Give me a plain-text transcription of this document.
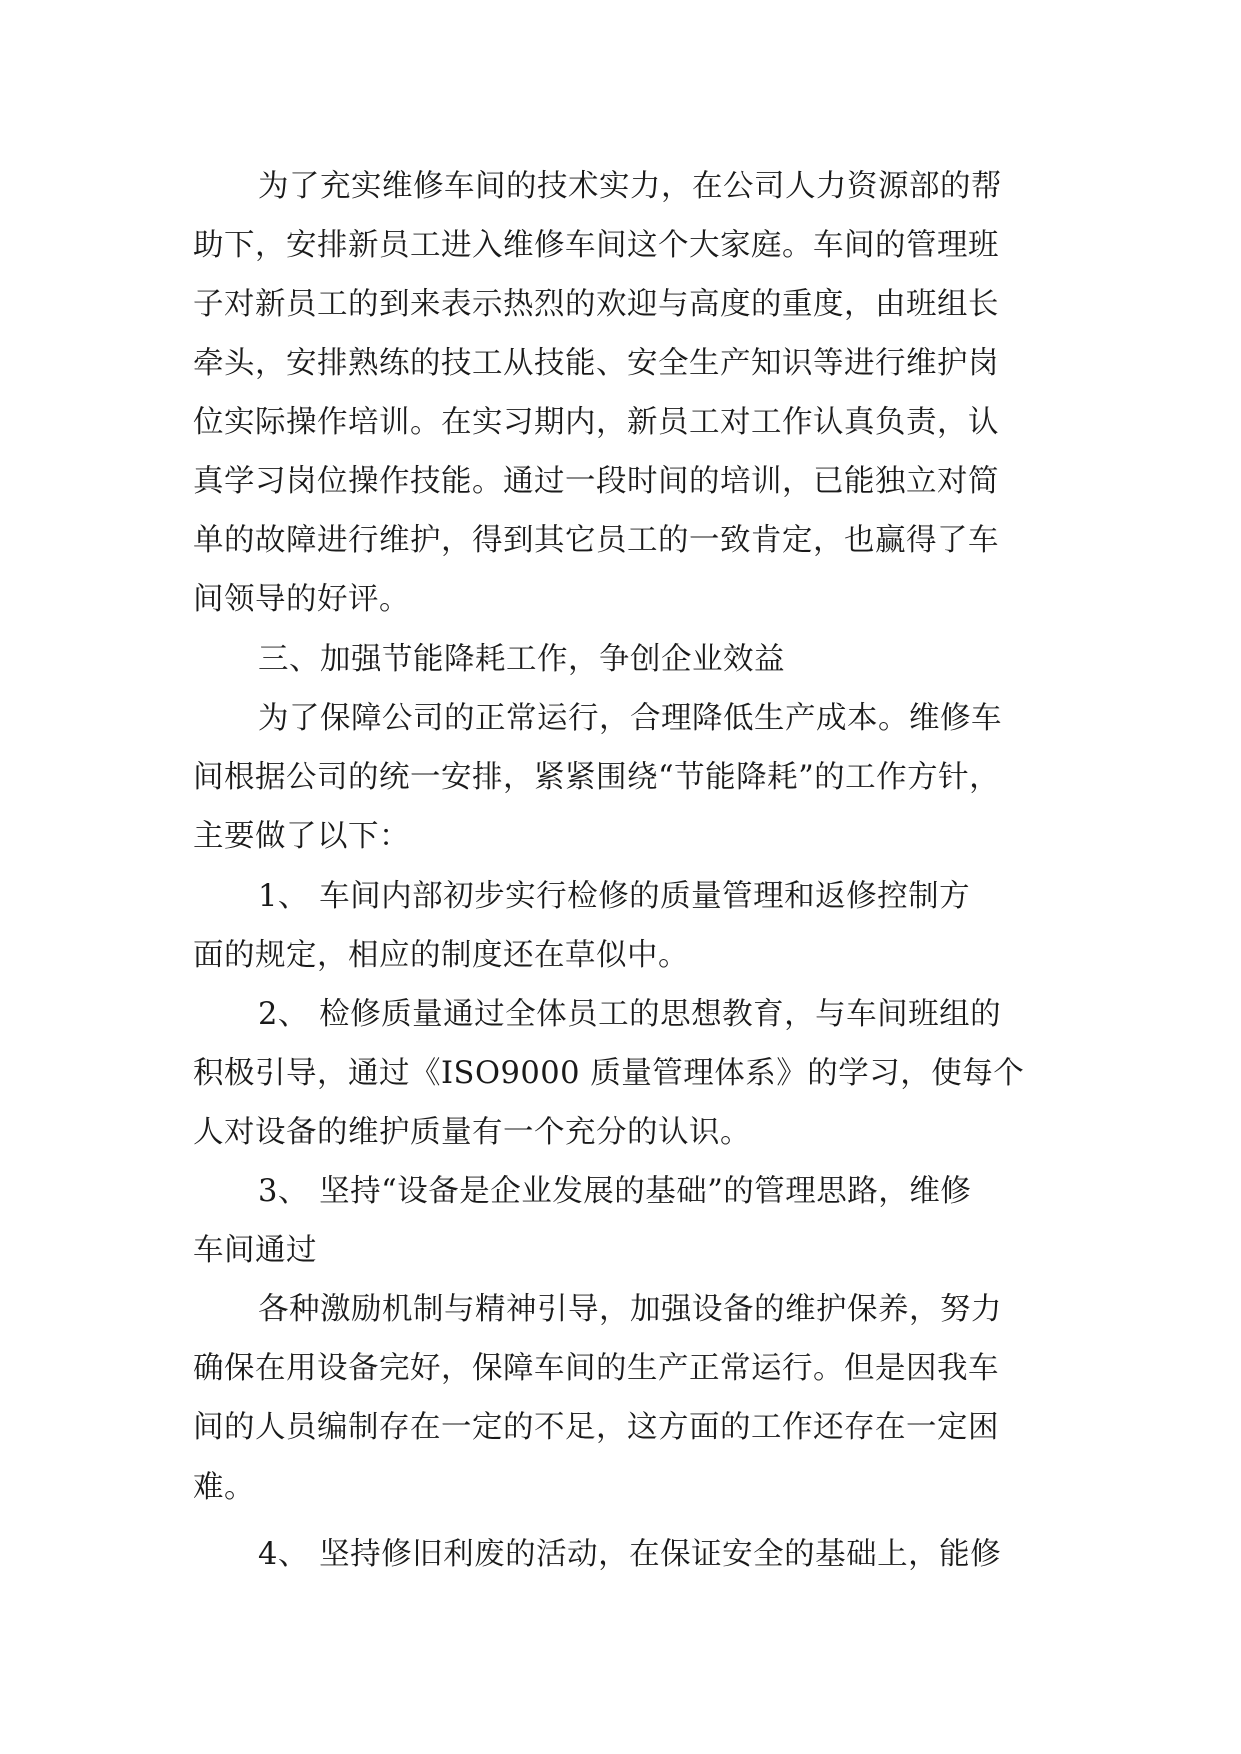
为了充实维修车间的技术实力，在公司人力资源部的帮

助下，安排新员工进入维修车间这个大家庭。车间的管理班

子对新员工的到来表示热烈的欢迎与高度的重度，由班组长

牵头，安排熟练的技工从技能、安全生产知识等进行维护岗

位实际操作培训。在实习期内，新员工对工作认真负责，认

真学习岗位操作技能。通过一段时间的培训，已能独立对简

单的故障进行维护，得到其它员工的一致肯定，也赢得了车

间领导的好评。

三、加强节能降耗工作，争创企业效益

为了保障公司的正常运行，合理降低生产成本。维修车

间根据公司的统一安排，紧紧围绕“节能降耗”的工作方针，

主要做了以下：

1、 车间内部初步实行检修的质量管理和返修控制方

面的规定，相应的制度还在草似中。

2、 检修质量通过全体员工的思想教育，与车间班组的

积极引导，通过《ISO9000 质量管理体系》的学习，使每个

人对设备的维护质量有一个充分的认识。

3、 坚持“设备是企业发展的基础”的管理思路，维修

车间通过

各种激励机制与精神引导，加强设备的维护保养，努力

确保在用设备完好，保障车间的生产正常运行。但是因我车

间的人员编制存在一定的不足，这方面的工作还存在一定困

难。

4、 坚持修旧利废的活动，在保证安全的基础上，能修
